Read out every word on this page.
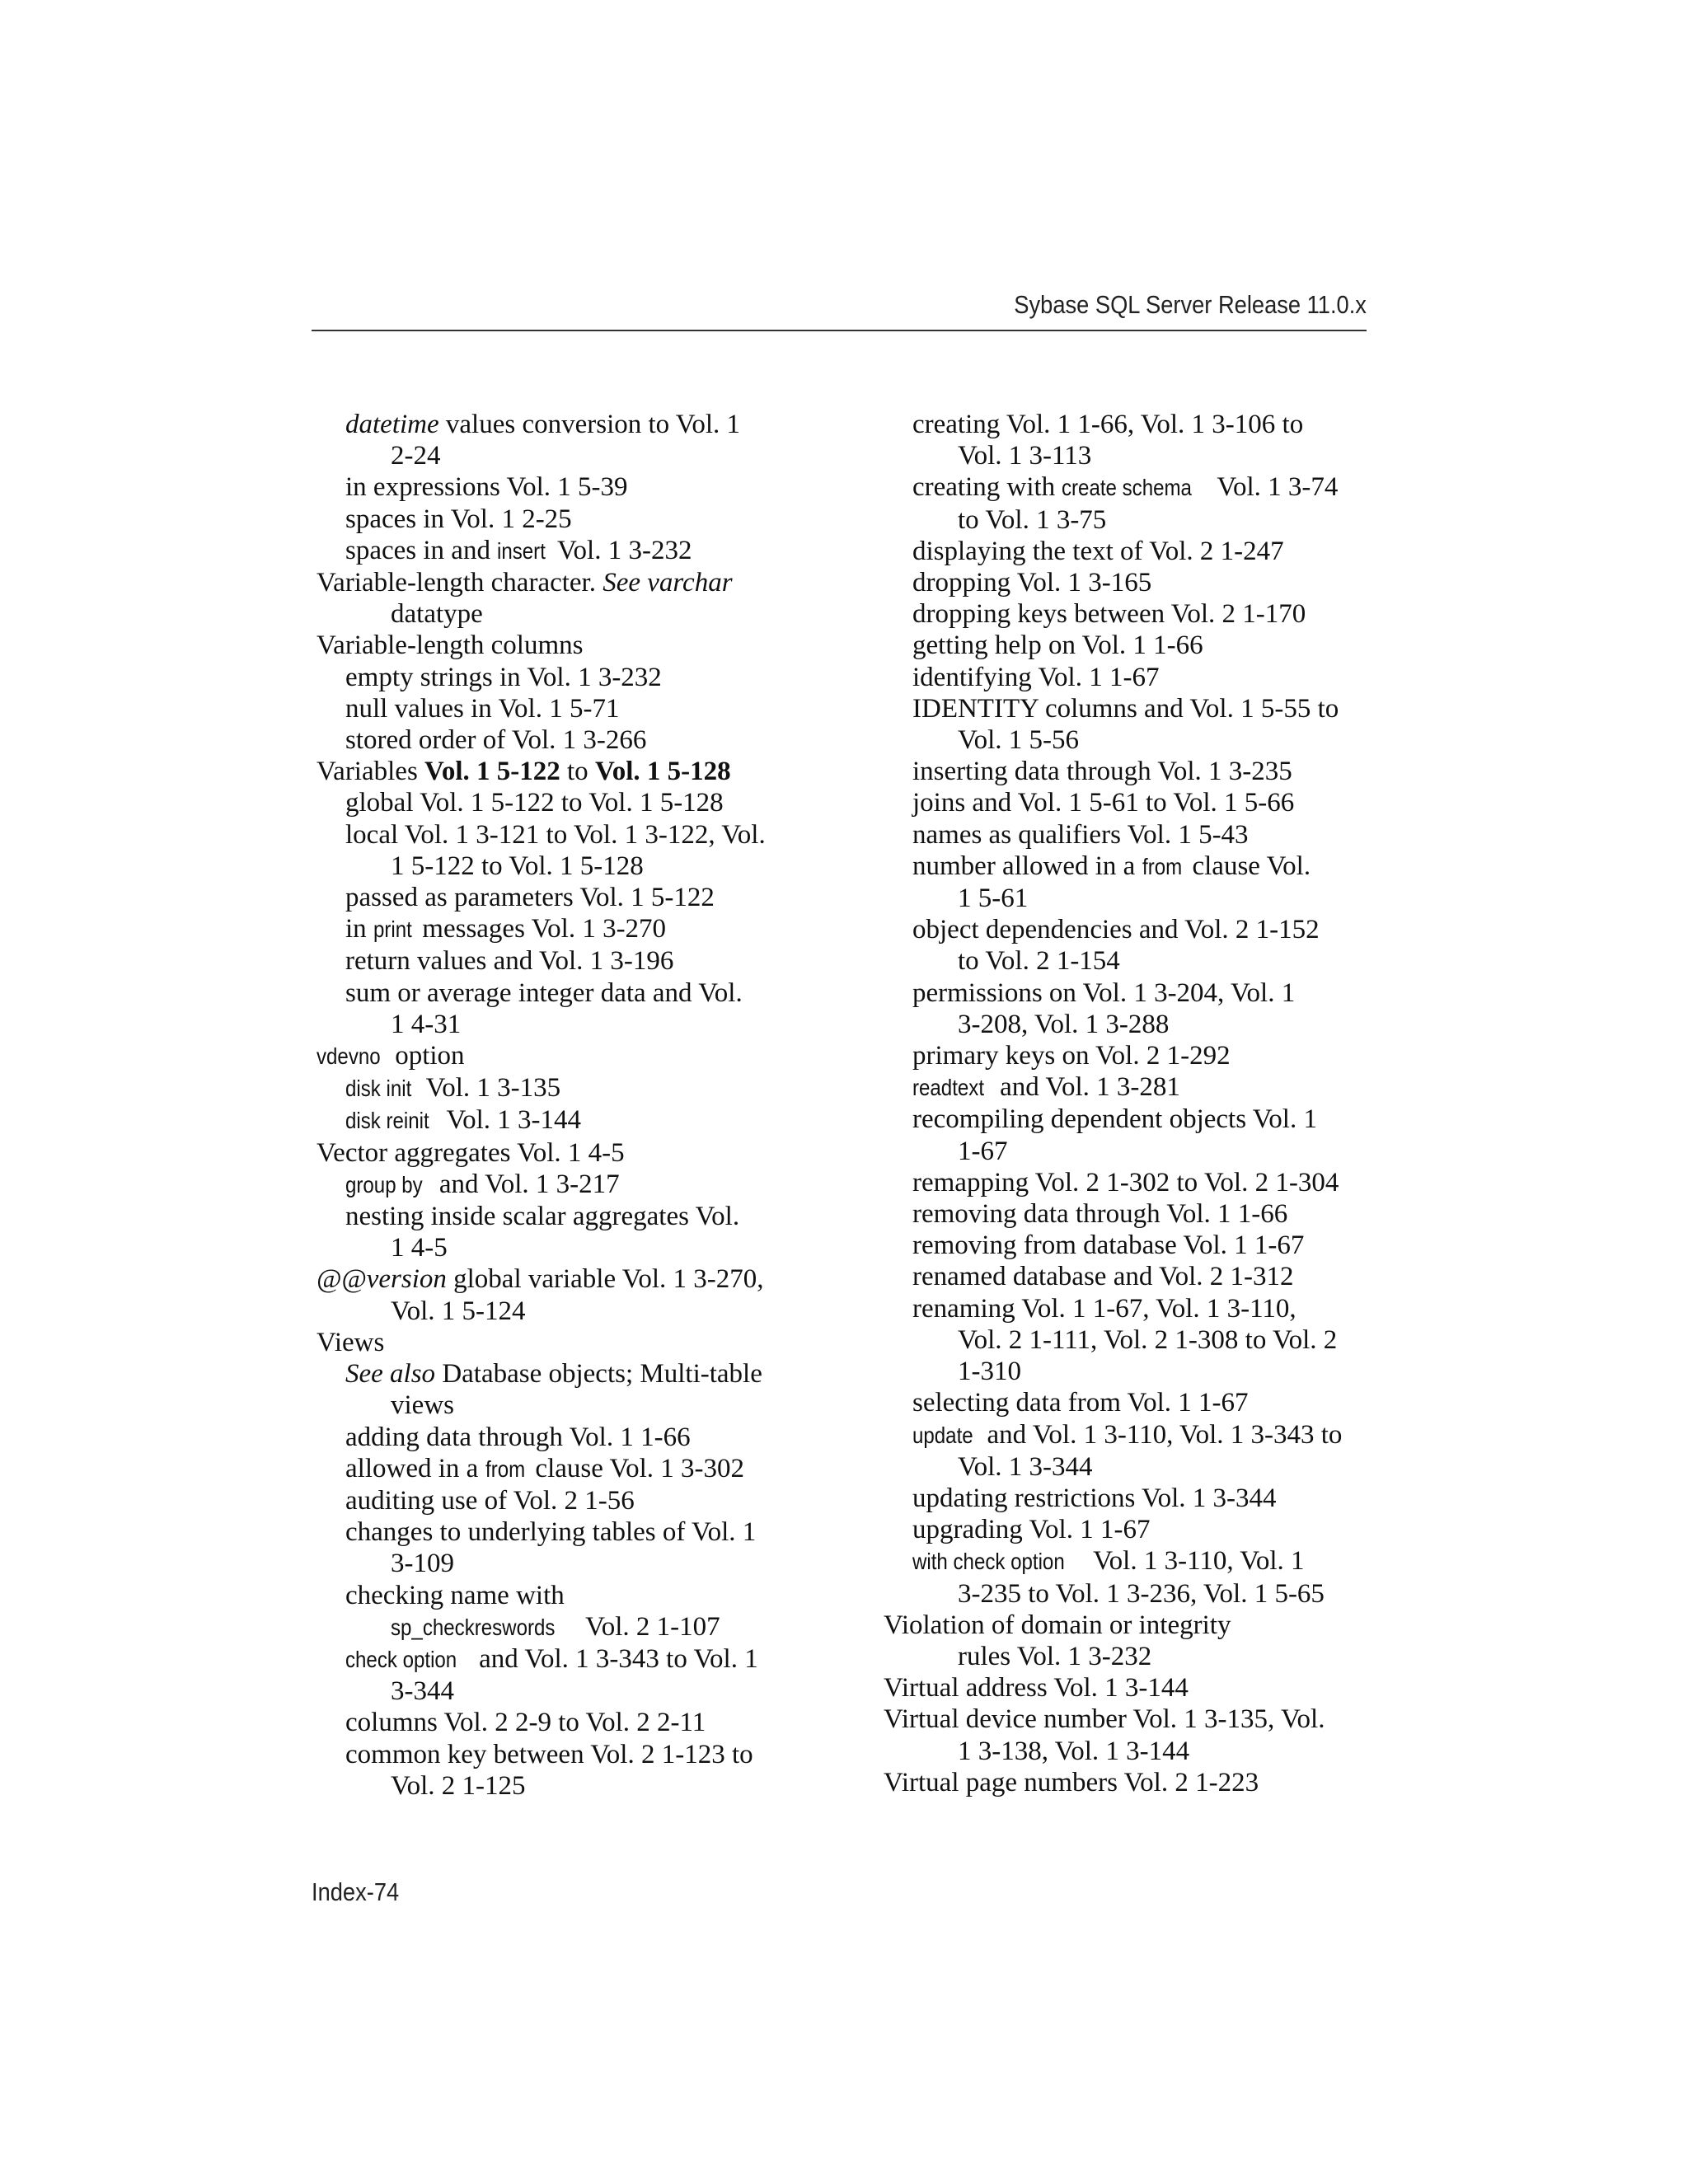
Sybase SQL Server Release 11.0.x
datetime values conversion to Vol. 1
2-24
in expressions Vol. 1 5-39
spaces in Vol. 1 2-25
spaces in and insert Vol. 1 3-232
Variable-length character. See varchar
datatype
Variable-length columns
empty strings in Vol. 1 3-232
null values in Vol. 1 5-71
stored order of Vol. 1 3-266
Variables Vol. 1 5-122 to Vol. 1 5-128
global Vol. 1 5-122 to Vol. 1 5-128
local Vol. 1 3-121 to Vol. 1 3-122, Vol.
1 5-122 to Vol. 1 5-128
passed as parameters Vol. 1 5-122
in print messages Vol. 1 3-270
return values and Vol. 1 3-196
sum or average integer data and Vol.
1 4-31
vdevno option
disk init Vol. 1 3-135
disk reinit Vol. 1 3-144
Vector aggregates Vol. 1 4-5
group by and Vol. 1 3-217
nesting inside scalar aggregates Vol.
1 4-5
@@version global variable Vol. 1 3-270,
Vol. 1 5-124
Views
See also Database objects; Multi-table
views
adding data through Vol. 1 1-66
allowed in a from clause Vol. 1 3-302
auditing use of Vol. 2 1-56
changes to underlying tables of Vol. 1
3-109
checking name with
sp_checkreswords Vol. 2 1-107
check option and Vol. 1 3-343 to Vol. 1
3-344
columns Vol. 2 2-9 to Vol. 2 2-11
common key between Vol. 2 1-123 to
Vol. 2 1-125
creating Vol. 1 1-66, Vol. 1 3-106 to
Vol. 1 3-113
creating with create schema Vol. 1 3-74
to Vol. 1 3-75
displaying the text of Vol. 2 1-247
dropping Vol. 1 3-165
dropping keys between Vol. 2 1-170
getting help on Vol. 1 1-66
identifying Vol. 1 1-67
IDENTITY columns and Vol. 1 5-55 to
Vol. 1 5-56
inserting data through Vol. 1 3-235
joins and Vol. 1 5-61 to Vol. 1 5-66
names as qualifiers Vol. 1 5-43
number allowed in a from clause Vol.
1 5-61
object dependencies and Vol. 2 1-152
to Vol. 2 1-154
permissions on Vol. 1 3-204, Vol. 1
3-208, Vol. 1 3-288
primary keys on Vol. 2 1-292
readtext and Vol. 1 3-281
recompiling dependent objects Vol. 1
1-67
remapping Vol. 2 1-302 to Vol. 2 1-304
removing data through Vol. 1 1-66
removing from database Vol. 1 1-67
renamed database and Vol. 2 1-312
renaming Vol. 1 1-67, Vol. 1 3-110,
Vol. 2 1-111, Vol. 2 1-308 to Vol. 2
1-310
selecting data from Vol. 1 1-67
update and Vol. 1 3-110, Vol. 1 3-343 to
Vol. 1 3-344
updating restrictions Vol. 1 3-344
upgrading Vol. 1 1-67
with check option Vol. 1 3-110, Vol. 1
3-235 to Vol. 1 3-236, Vol. 1 5-65
Violation of domain or integrity
rules Vol. 1 3-232
Virtual address Vol. 1 3-144
Virtual device number Vol. 1 3-135, Vol.
1 3-138, Vol. 1 3-144
Virtual page numbers Vol. 2 1-223
Index-74
